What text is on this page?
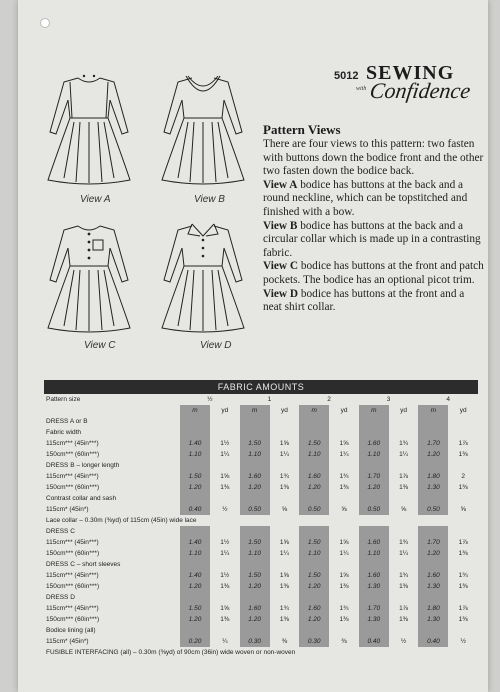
5012 SEWING
with Confidence
View A	View B
View C	View D
Pattern Views

There are four views to this pattern: two fasten with buttons down the bodice front and the other two fasten down the bodice back.

View A bodice has buttons at the back and a round neckline, which can be topstitched and finished with a bow.

View B bodice has buttons at the back and a circular collar which is made up in a contrasting fabric.

View C bodice has buttons at the front and patch pockets. The bodice has an optional picot trim.

View D bodice has buttons at the front and a neat shirt collar.

FABRIC AMOUNTS
Pattern size	½		1		2		3		4	
	m	yd	m	yd	m	yd	m	yd	m	yd
DRESS A or B										
Fabric width										
115cm*** (45in***)	1.40	1½	1.50	1⅝	1.50	1⅝	1.60	1¾	1.70	1⅞
150cm*** (60in***)	1.10	1¼	1.10	1¼	1.10	1¼	1.10	1¼	1.20	1⅜
DRESS B – longer length										
115cm*** (45in***)	1.50	1⅝	1.60	1¾	1.60	1¾	1.70	1⅞	1.80	2
150cm*** (60in***)	1.20	1⅜	1.20	1⅜	1.20	1⅜	1.20	1⅜	1.30	1⅜
Contrast collar and sash										
115cm* (45in*)	0.40	½	0.50	⅝	0.50	⅝	0.50	⅝	0.50	⅝
Lace collar – 0.30m (⅜yd) of 115cm (45in) wide lace										
DRESS C										
115cm*** (45in***)	1.40	1½	1.50	1⅝	1.50	1⅝	1.60	1¾	1.70	1⅞
150cm*** (60in***)	1.10	1¼	1.10	1¼	1.10	1¼	1.10	1¼	1.20	1⅜
DRESS C – short sleeves										
115cm*** (45in***)	1.40	1½	1.50	1⅝	1.50	1⅝	1.60	1¾	1.60	1¾
150cm*** (60in***)	1.20	1⅜	1.20	1⅜	1.20	1⅜	1.30	1⅜	1.30	1⅜
DRESS D										
115cm*** (45in***)	1.50	1⅝	1.60	1¾	1.60	1¾	1.70	1⅞	1.80	1⅞
150cm*** (60in***)	1.20	1⅜	1.20	1⅜	1.20	1⅜	1.30	1⅜	1.30	1⅜
Bodice lining (all)										
115cm* (45in*)	0.20	¼	0.30	⅜	0.30	⅜	0.40	½	0.40	½
FUSIBLE INTERFACING (all) – 0.30m (⅜yd) of 90cm (36in) wide woven or non-woven										
